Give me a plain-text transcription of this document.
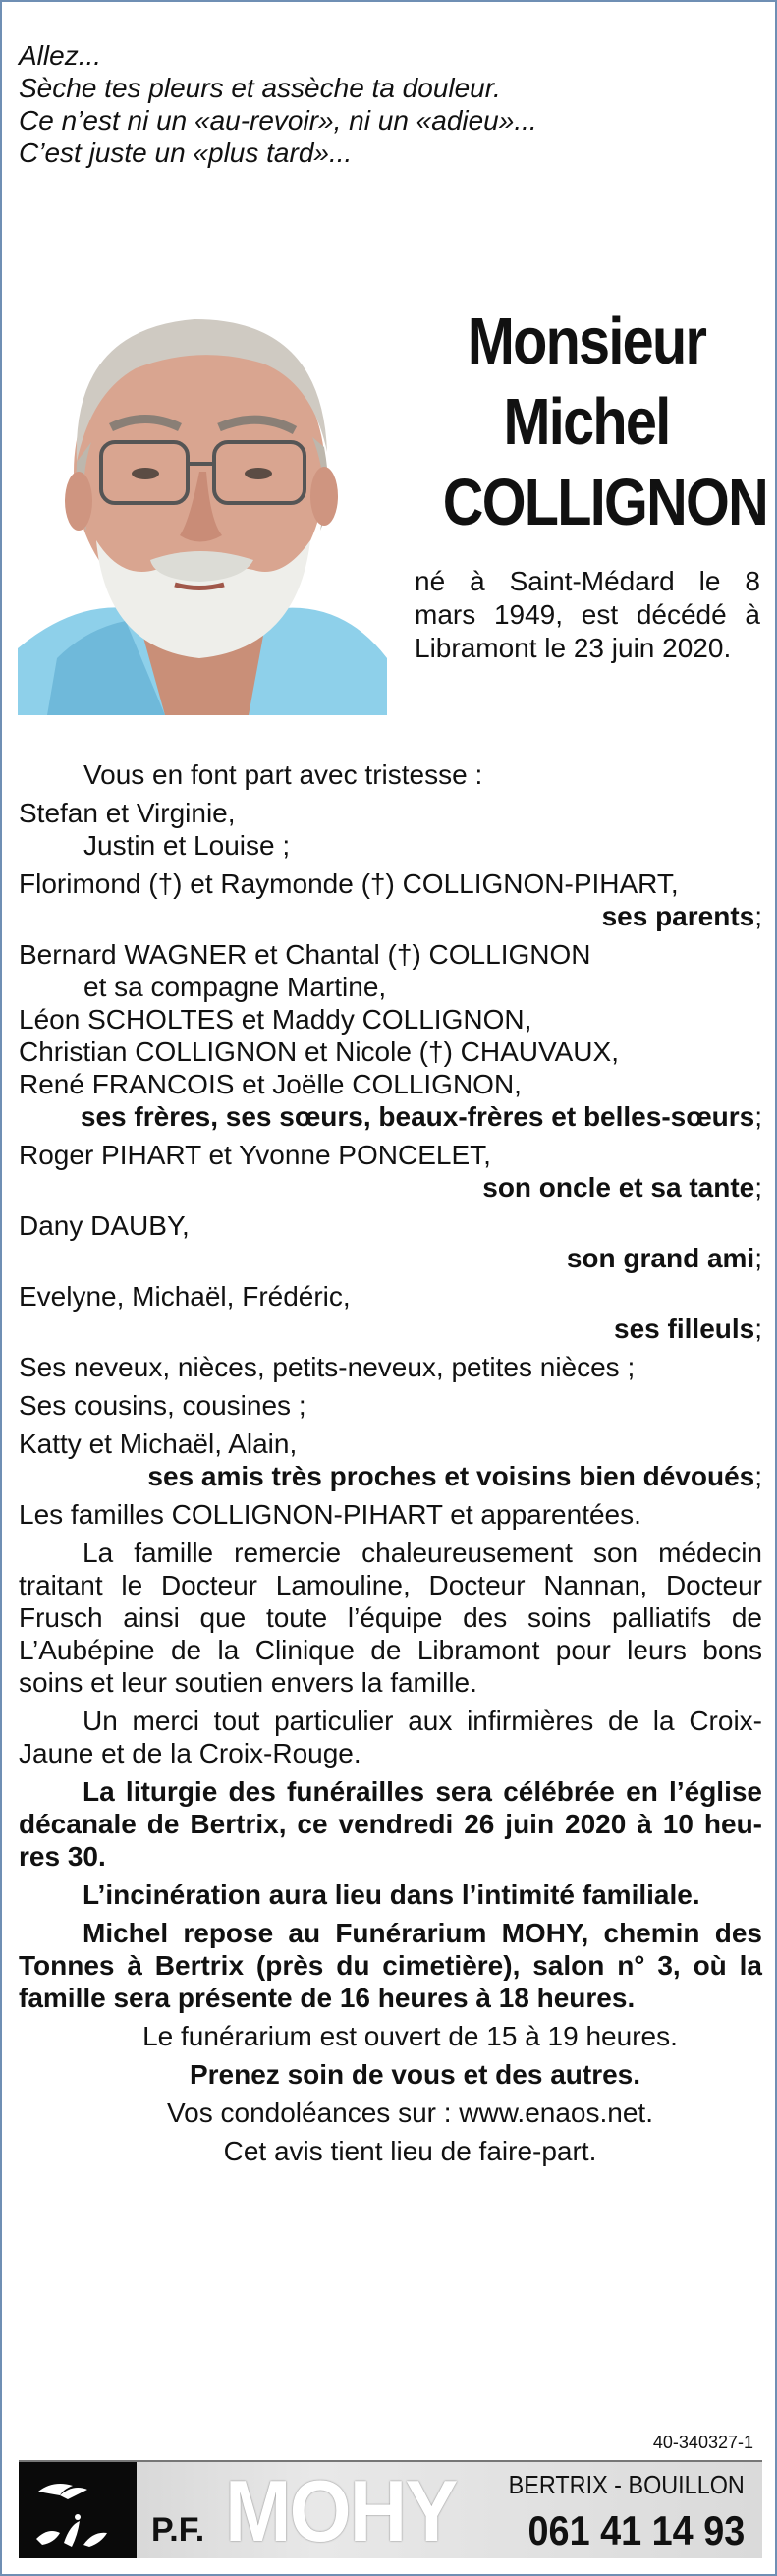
Allez...
Sèche tes pleurs et assèche ta douleur.
Ce n’est ni un «au-revoir», ni un «adieu»...
C’est juste un «plus tard»...
Monsieur
Michel
COLLIGNON
né à Saint-Médard le 8 mars 1949, est décédé à Libramont le 23 juin 2020.

Vous en font part avec tristesse :

Stefan et Virginie,

Justin et Louise ;

Florimond (†) et Raymonde (†) COLLIGNON-PIHART,

ses parents;

Bernard WAGNER et Chantal (†) COLLIGNON

et sa compagne Martine,

Léon SCHOLTES et Maddy COLLIGNON,

Christian COLLIGNON et Nicole (†) CHAUVAUX,

René FRANCOIS et Joëlle COLLIGNON,

ses frères, ses sœurs, beaux-frères et belles-sœurs;

Roger PIHART et Yvonne PONCELET,

son oncle et sa tante;

Dany DAUBY,

son grand ami;

Evelyne, Michaël, Frédéric,

ses filleuls;

Ses neveux, nièces, petits-neveux, petites nièces ;

Ses cousins, cousines ;

Katty et Michaël, Alain,

ses amis très proches et voisins bien dévoués;

Les familles COLLIGNON-PIHART et apparentées.

La famille remercie chaleureusement son médecin traitant le Docteur Lamouline, Docteur Nannan, Docteur Frusch ainsi que toute l’équipe des soins palliatifs de L’Aubépine de la Clinique de Libramont pour leurs bons soins et leur soutien envers la famille.

Un merci tout particulier aux infirmières de la Croix-Jaune et de la Croix-Rouge.

La liturgie des funérailles sera célébrée en l’église décanale de Bertrix, ce vendredi 26 juin 2020 à 10 heu-res 30.

L’incinération aura lieu dans l’intimité familiale.

Michel repose au Funérarium MOHY, chemin des Tonnes à Bertrix (près du cimetière), salon n° 3, où la famille sera présente de 16 heures à 18 heures.

Le funérarium est ouvert de 15 à 19 heures.

Prenez soin de vous et des autres.

Vos condoléances sur : www.enaos.net.

Cet avis tient lieu de faire-part.

40-340327-1
P.F. MOHY BERTRIX - BOUILLON
061 41 14 93
